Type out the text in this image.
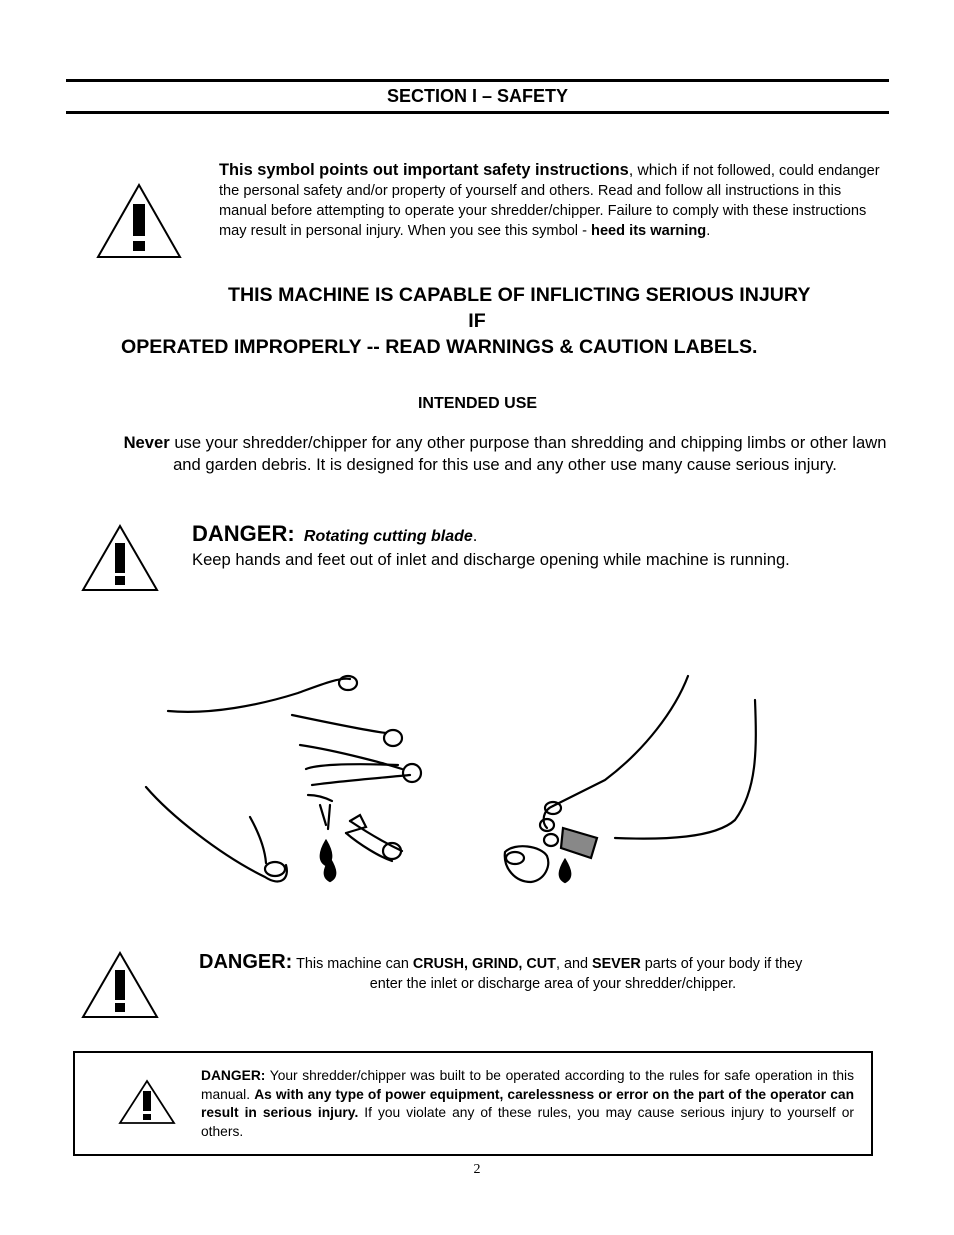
SECTION I – SAFETY
This symbol points out important safety instructions, which if not followed, could endanger the personal safety and/or property of yourself and others. Read and follow all instructions in this manual before attempting to operate your shredder/chipper. Failure to comply with these instructions may result in personal injury. When you see this symbol - heed its warning.
THIS MACHINE IS CAPABLE OF INFLICTING SERIOUS INJURY
IF
OPERATED IMPROPERLY -- READ WARNINGS & CAUTION LABELS.
INTENDED USE
Never use your shredder/chipper for any other purpose than shredding and chipping limbs or other lawn and garden debris. It is designed for this use and any other use many cause serious injury.
DANGER: Rotating cutting blade.
Keep hands and feet out of inlet and discharge opening while machine is running.
DANGER: This machine can CRUSH, GRIND, CUT, and SEVER parts of your body if they
enter the inlet or discharge area of your shredder/chipper.
DANGER: Your shredder/chipper was built to be operated according to the rules for safe operation in this manual. As with any type of power equipment, carelessness or error on the part of the operator can result in serious injury. If you violate any of these rules, you may cause serious injury to yourself or others.
2
